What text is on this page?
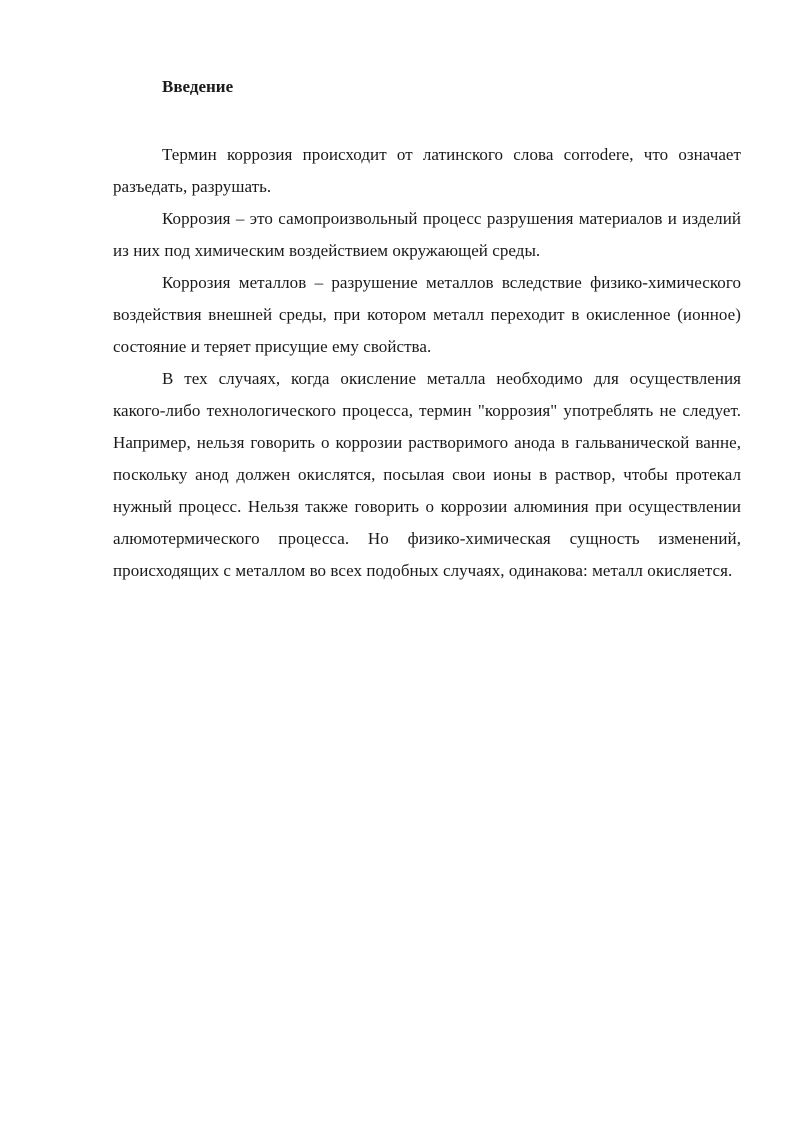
Введение

Термин коррозия происходит от латинского слова corrodere, что означает разъедать, разрушать.

Коррозия – это самопроизвольный процесс разрушения материалов и изделий из них под химическим воздействием окружающей среды.

Коррозия металлов – разрушение металлов вследствие физико-химического воздействия внешней среды, при котором металл переходит в окисленное (ионное) состояние и теряет присущие ему свойства.

В тех случаях, когда окисление металла необходимо для осуществления какого-либо технологического процесса, термин "коррозия" употреблять не следует. Например, нельзя говорить о коррозии растворимого анода в гальванической ванне, поскольку анод должен окислятся, посылая свои ионы в раствор, чтобы протекал нужный процесс. Нельзя также говорить о коррозии алюминия при осуществлении алюмотермического процесса. Но физико-химическая сущность изменений, происходящих с металлом во всех подобных случаях, одинакова: металл окисляется.
